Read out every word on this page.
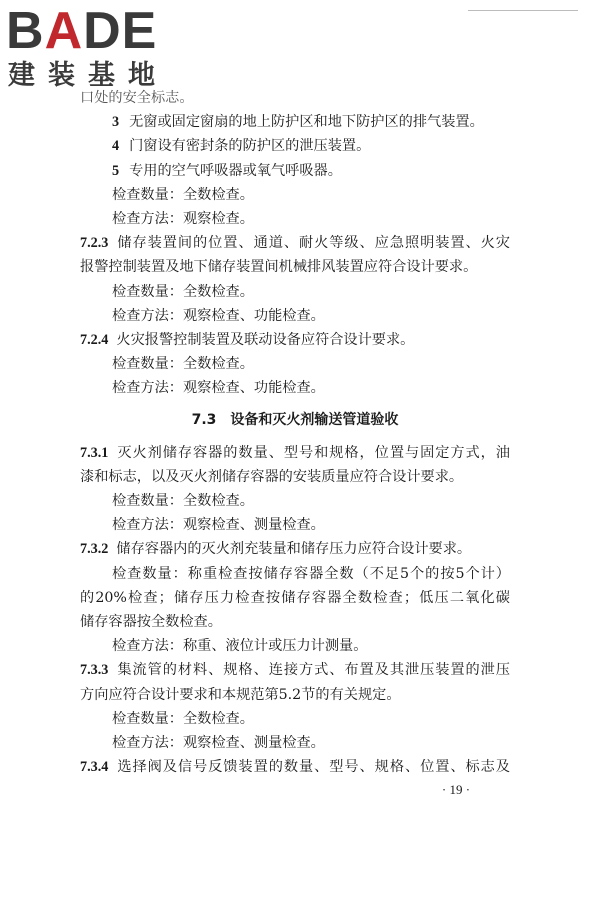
BADE
建装基地
口处的安全标志。
3 无窗或固定窗扇的地上防护区和地下防护区的排气装置。
4 门窗设有密封条的防护区的泄压装置。
5 专用的空气呼吸器或氧气呼吸器。
检查数量：全数检查。
检查方法：观察检查。
7.2.3 储存装置间的位置、通道、耐火等级、应急照明装置、火灾
报警控制装置及地下储存装置间机械排风装置应符合设计要求。
检查数量：全数检查。
检查方法：观察检查、功能检查。
7.2.4 火灾报警控制装置及联动设备应符合设计要求。
检查数量：全数检查。
检查方法：观察检查、功能检查。
7.3 设备和灭火剂输送管道验收
7.3.1 灭火剂储存容器的数量、型号和规格，位置与固定方式，油
漆和标志，以及灭火剂储存容器的安装质量应符合设计要求。
检查数量：全数检查。
检查方法：观察检查、测量检查。
7.3.2 储存容器内的灭火剂充装量和储存压力应符合设计要求。
检查数量：称重检查按储存容器全数（不足5个的按5个计）
的20%检查；储存压力检查按储存容器全数检查；低压二氧化碳
储存容器按全数检查。
检查方法：称重、液位计或压力计测量。
7.3.3 集流管的材料、规格、连接方式、布置及其泄压装置的泄压
方向应符合设计要求和本规范第5.2节的有关规定。
检查数量：全数检查。
检查方法：观察检查、测量检查。
7.3.4 选择阀及信号反馈装置的数量、型号、规格、位置、标志及
· 19 ·
